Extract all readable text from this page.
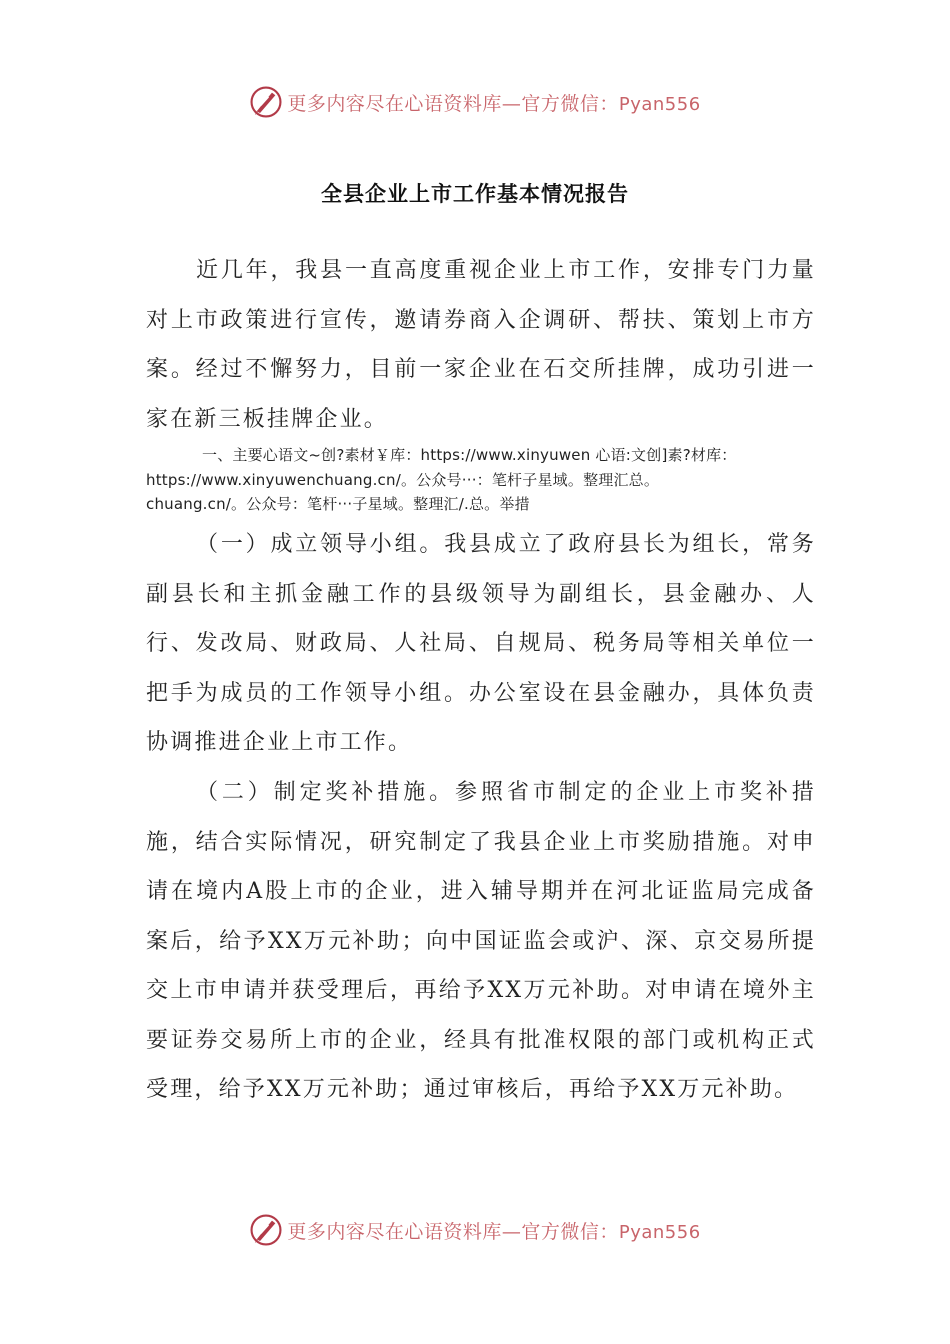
更多内容尽在心语资料库—官方微信：Pyan556
全县企业上市工作基本情况报告
近几年，我县一直高度重视企业上市工作，安排专门力量对上市政策进行宣传，邀请券商入企调研、帮扶、策划上市方案。经过不懈努力，目前一家企业在石交所挂牌，成功引进一家在新三板挂牌企业。
一、主要心语文~创?素材￥库：https://www.xinyuwen 心语:文创]素?材库：
https://www.xinyuwenchuang.cn/。公众号···：笔杆子星域。整理汇总。
chuang.cn/。公众号：笔杆···子星域。整理汇/.总。举措
（一）成立领导小组。我县成立了政府县长为组长，常务副县长和主抓金融工作的县级领导为副组长，县金融办、人行、发改局、财政局、人社局、自规局、税务局等相关单位一把手为成员的工作领导小组。办公室设在县金融办，具体负责协调推进企业上市工作。
（二）制定奖补措施。参照省市制定的企业上市奖补措施，结合实际情况，研究制定了我县企业上市奖励措施。对申请在境内A股上市的企业，进入辅导期并在河北证监局完成备案后，给予XX万元补助；向中国证监会或沪、深、京交易所提交上市申请并获受理后，再给予XX万元补助。对申请在境外主要证券交易所上市的企业，经具有批准权限的部门或机构正式受理，给予XX万元补助；通过审核后，再给予XX万元补助。
更多内容尽在心语资料库—官方微信：Pyan556
